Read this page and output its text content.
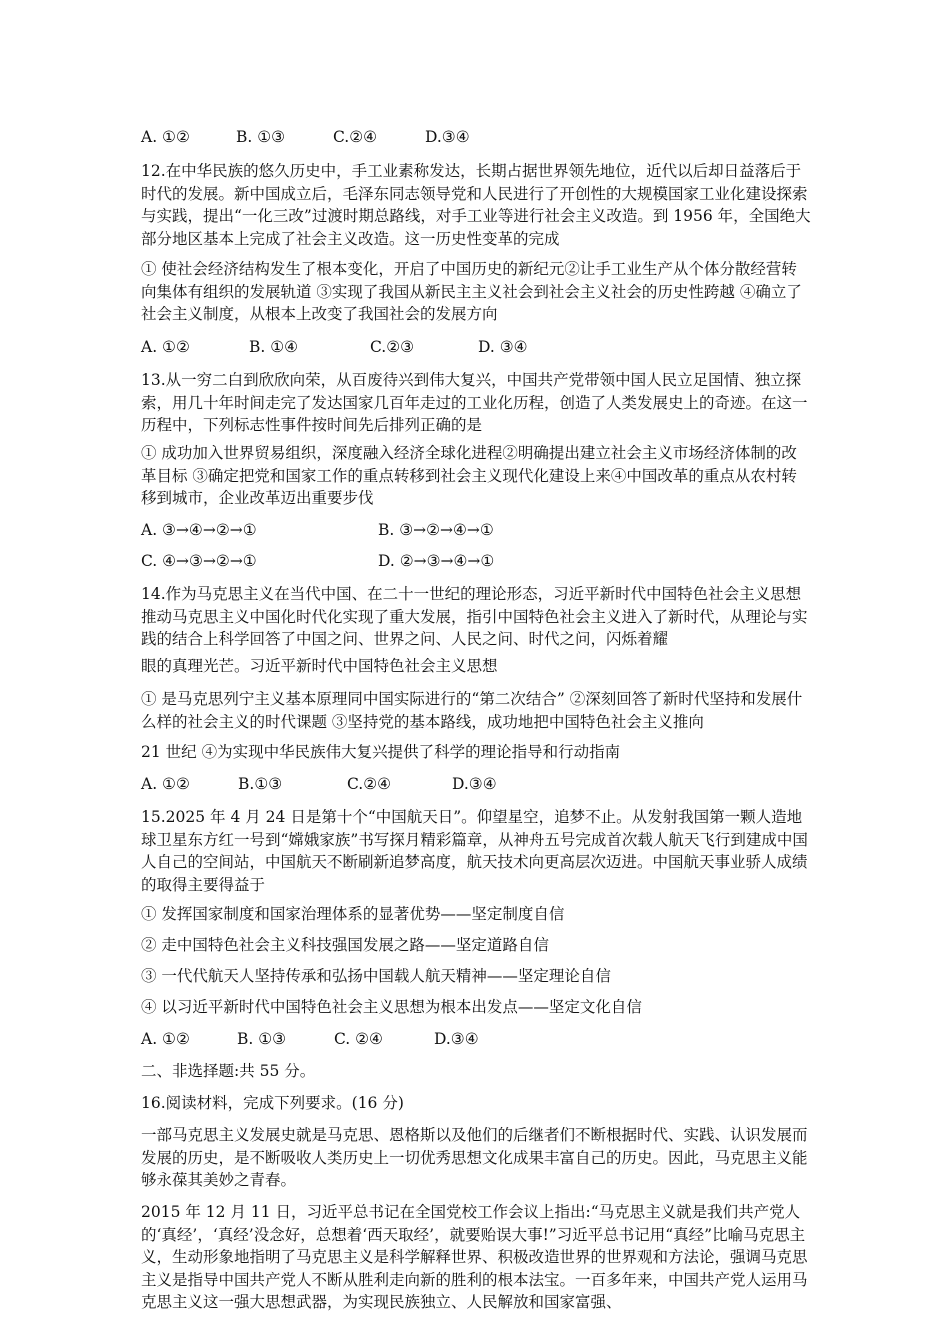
A. ①②	B. ①③	C.②④	D.③④

12.在中华民族的悠久历史中，手工业素称发达，长期占据世界领先地位，近代以后却日益落后于时代的发展。新中国成立后，毛泽东同志领导党和人民进行了开创性的大规模国家工业化建设探索与实践，提出“一化三改”过渡时期总路线，对手工业等进行社会主义改造。到 1956 年，全国绝大部分地区基本上完成了社会主义改造。这一历史性变革的完成

① 使社会经济结构发生了根本变化，开启了中国历史的新纪元②让手工业生产从个体分散经营转向集体有组织的发展轨道 ③实现了我国从新民主主义社会到社会主义社会的历史性跨越 ④确立了社会主义制度，从根本上改变了我国社会的发展方向

A. ①②	B. ①④	C.②③	D. ③④

13.从一穷二白到欣欣向荣，从百废待兴到伟大复兴，中国共产党带领中国人民立足国情、独立探索，用几十年时间走完了发达国家几百年走过的工业化历程，创造了人类发展史上的奇迹。在这一历程中，下列标志性事件按时间先后排列正确的是

① 成功加入世界贸易组织，深度融入经济全球化进程②明确提出建立社会主义市场经济体制的改革目标 ③确定把党和国家工作的重点转移到社会主义现代化建设上来④中国改革的重点从农村转移到城市，企业改革迈出重要步伐

A. ③→④→②→①	B. ③→②→④→①
C. ④→③→②→①	D. ②→③→④→①

14.作为马克思主义在当代中国、在二十一世纪的理论形态，习近平新时代中国特色社会主义思想推动马克思主义中国化时代化实现了重大发展，指引中国特色社会主义进入了新时代，从理论与实践的结合上科学回答了中国之问、世界之问、人民之问、时代之问，闪烁着耀

眼的真理光芒。习近平新时代中国特色社会主义思想

① 是马克思列宁主义基本原理同中国实际进行的“第二次结合” ②深刻回答了新时代坚持和发展什么样的社会主义的时代课题 ③坚持党的基本路线，成功地把中国特色社会主义推向

21 世纪 ④为实现中华民族伟大复兴提供了科学的理论指导和行动指南

A. ①②	B.①③	C.②④	D.③④

15.2025 年 4 月 24 日是第十个“中国航天日”。仰望星空，追梦不止。从发射我国第一颗人造地球卫星东方红一号到“嫦娥家族”书写探月精彩篇章，从神舟五号完成首次载人航天飞行到建成中国人自己的空间站，中国航天不断刷新追梦高度，航天技术向更高层次迈进。中国航天事业骄人成绩的取得主要得益于

① 发挥国家制度和国家治理体系的显著优势——坚定制度自信

② 走中国特色社会主义科技强国发展之路——坚定道路自信

③ 一代代航天人坚持传承和弘扬中国载人航天精神——坚定理论自信

④ 以习近平新时代中国特色社会主义思想为根本出发点——坚定文化自信

A. ①②	B. ①③	C. ②④	D.③④

二、非选择题:共 55 分。

16.阅读材料，完成下列要求。(16 分)

一部马克思主义发展史就是马克思、恩格斯以及他们的后继者们不断根据时代、实践、认识发展而发展的历史，是不断吸收人类历史上一切优秀思想文化成果丰富自己的历史。因此，马克思主义能够永葆其美妙之青春。

2015 年 12 月 11 日，习近平总书记在全国党校工作会议上指出:“马克思主义就是我们共产党人的‘真经’，‘真经’没念好，总想着‘西天取经’，就要贻误大事!”习近平总书记用“真经”比喻马克思主义，生动形象地指明了马克思主义是科学解释世界、积极改造世界的世界观和方法论，强调马克思主义是指导中国共产党人不断从胜利走向新的胜利的根本法宝。一百多年来，中国共产党人运用马克思主义这一强大思想武器，为实现民族独立、人民解放和国家富强、
